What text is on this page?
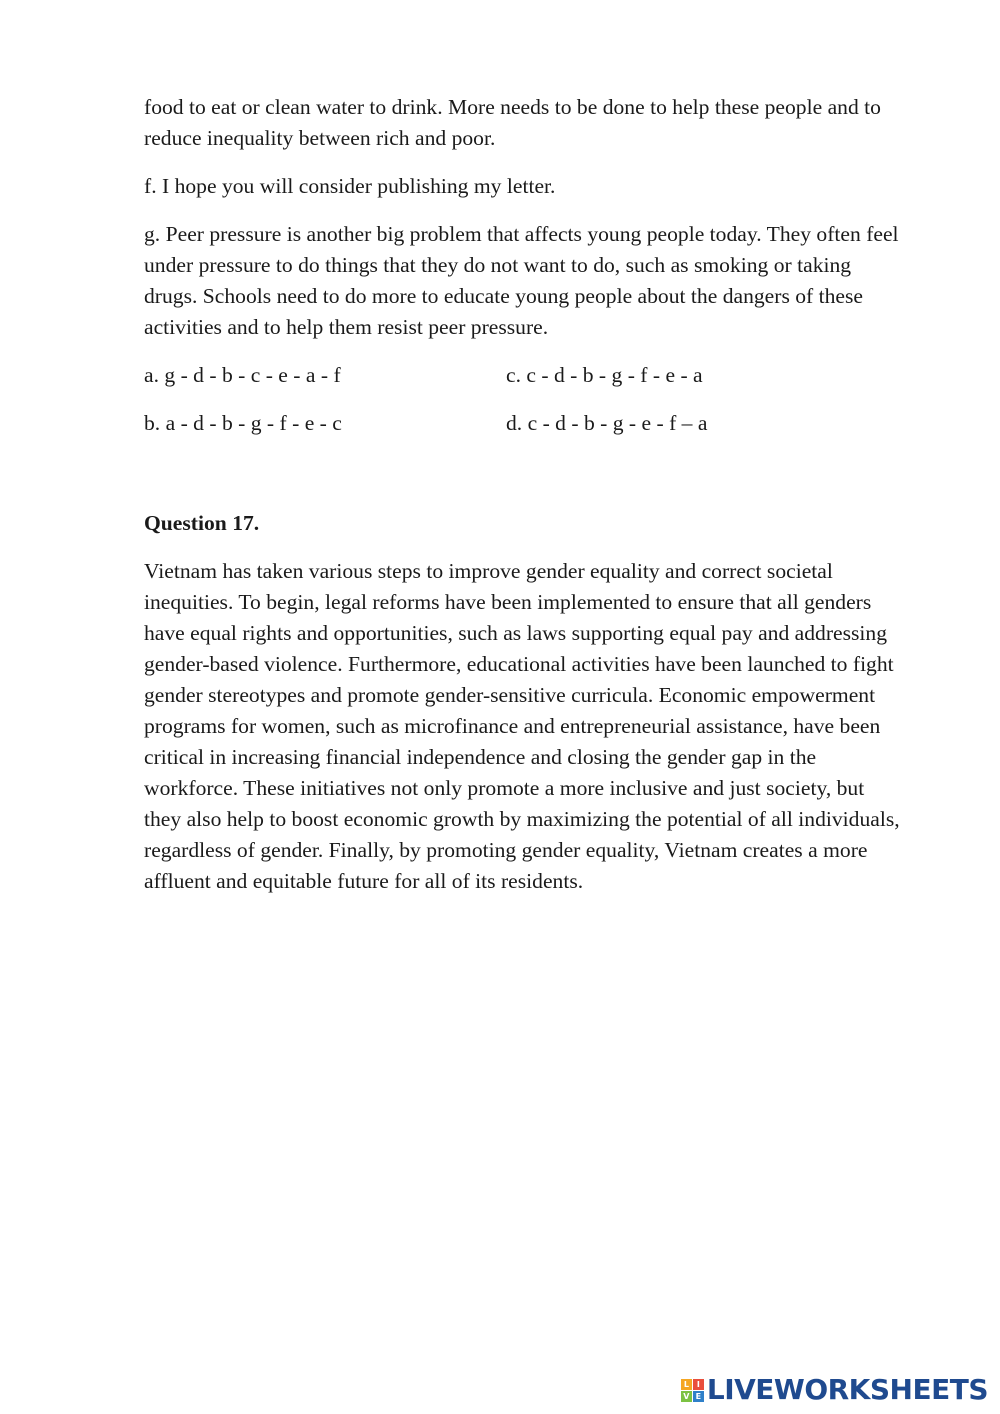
food to eat or clean water to drink. More needs to be done to help these people and to reduce inequality between rich and poor.

f. I hope you will consider publishing my letter.

g. Peer pressure is another big problem that affects young people today. They often feel under pressure to do things that they do not want to do, such as smoking or taking drugs. Schools need to do more to educate young people about the dangers of these activities and to help them resist peer pressure.

a. g - d - b - c - e - a - f	c. c - d - b - g - f - e - a
b. a - d - b - g - f - e - c	d. c - d - b - g - e - f – a

Question 17.

Vietnam has taken various steps to improve gender equality and correct societal inequities. To begin, legal reforms have been implemented to ensure that all genders have equal rights and opportunities, such as laws supporting equal pay and addressing gender-based violence. Furthermore, educational activities have been launched to fight gender stereotypes and promote gender-sensitive curricula. Economic empowerment programs for women, such as microfinance and entrepreneurial assistance, have been critical in increasing financial independence and closing the gender gap in the workforce. These initiatives not only promote a more inclusive and just society, but they also help to boost economic growth by maximizing the potential of all individuals, regardless of gender. Finally, by promoting gender equality, Vietnam creates a more affluent and equitable future for all of its residents.

L I
V E LIVEWORKSHEETS
